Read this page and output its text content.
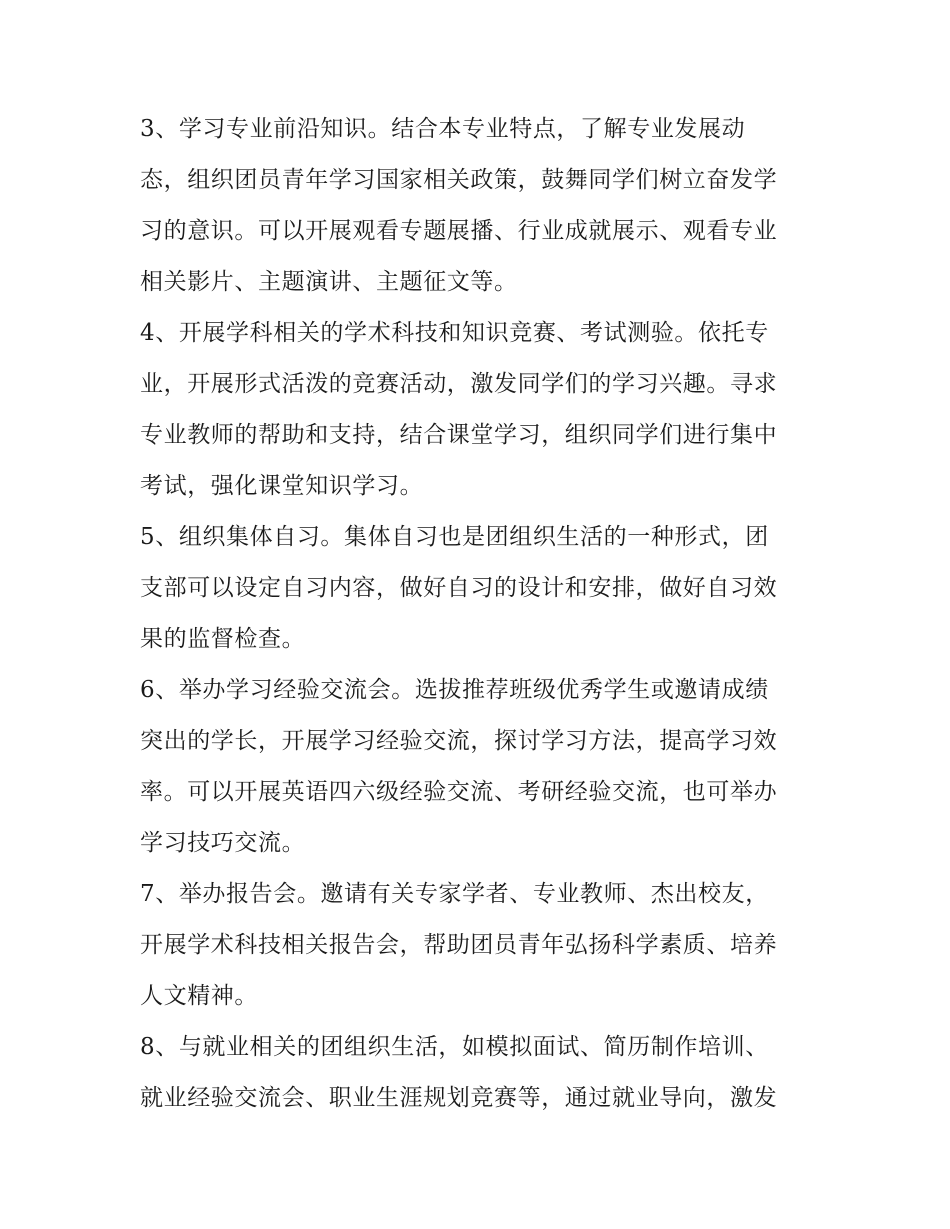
3、学习专业前沿知识。结合本专业特点，了解专业发展动
态，组织团员青年学习国家相关政策，鼓舞同学们树立奋发学
习的意识。可以开展观看专题展播、行业成就展示、观看专业
相关影片、主题演讲、主题征文等。
4、开展学科相关的学术科技和知识竞赛、考试测验。依托专
业，开展形式活泼的竞赛活动，激发同学们的学习兴趣。寻求
专业教师的帮助和支持，结合课堂学习，组织同学们进行集中
考试，强化课堂知识学习。
5、组织集体自习。集体自习也是团组织生活的一种形式，团
支部可以设定自习内容，做好自习的设计和安排，做好自习效
果的监督检查。
6、举办学习经验交流会。选拔推荐班级优秀学生或邀请成绩
突出的学长，开展学习经验交流，探讨学习方法，提高学习效
率。可以开展英语四六级经验交流、考研经验交流，也可举办
学习技巧交流。
7、举办报告会。邀请有关专家学者、专业教师、杰出校友，
开展学术科技相关报告会，帮助团员青年弘扬科学素质、培养
人文精神。
8、与就业相关的团组织生活，如模拟面试、简历制作培训、
就业经验交流会、职业生涯规划竞赛等，通过就业导向，激发
